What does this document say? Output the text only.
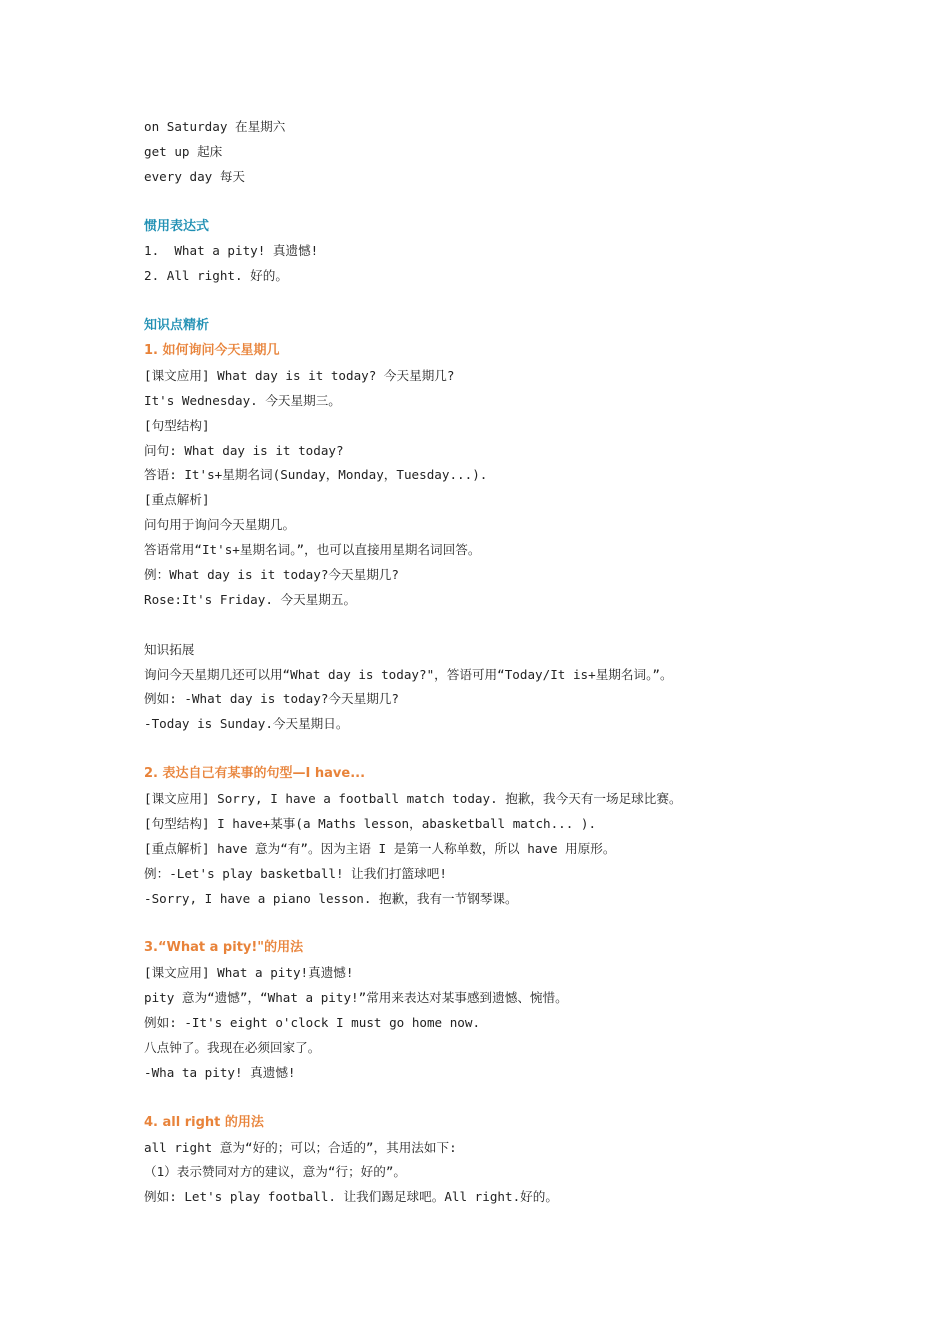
on Saturday 在星期六
get up 起床
every day 每天
惯用表达式
1.  What a pity! 真遗憾!
2. All right. 好的。
知识点精析
1. 如何询问今天星期几
[课文应用] What day is it today? 今天星期几?
It's Wednesday. 今天星期三。
[句型结构]
问句: What day is it today?
答语: It's+星期名词(Sunday，Monday，Tuesday...).
[重点解析]
问句用于询问今天星期几。
答语常用“It's+星期名词。”，也可以直接用星期名词回答。
例：What day is it today?今天星期几?
Rose:It's Friday. 今天星期五。
知识拓展
询问今天星期几还可以用“What day is today?"，答语可用“Today/It is+星期名词。”。
例如: -What day is today?今天星期几?
-Today is Sunday.今天星期日。
2. 表达自己有某事的句型—I have...
[课文应用] Sorry, I have a football match today. 抱歉，我今天有一场足球比赛。
[句型结构] I have+某事(a Maths lesson，abasketball match... ).
[重点解析] have 意为“有”。因为主语 I 是第一人称单数，所以 have 用原形。
例：-Let's play basketball! 让我们打篮球吧!
-Sorry, I have a piano lesson. 抱歉，我有一节钢琴课。
3.“What a pity!"的用法
[课文应用] What a pity!真遗憾!
pity 意为“遗憾”，“What a pity!”常用来表达对某事感到遗憾、惋惜。
例如: -It's eight o'clock I must go home now.
八点钟了。我现在必须回家了。
-Wha ta pity! 真遗憾!
4. all right 的用法
all right 意为“好的；可以；合适的”，其用法如下:
（1）表示赞同对方的建议，意为“行；好的”。
例如: Let's play football. 让我们踢足球吧。All right.好的。
